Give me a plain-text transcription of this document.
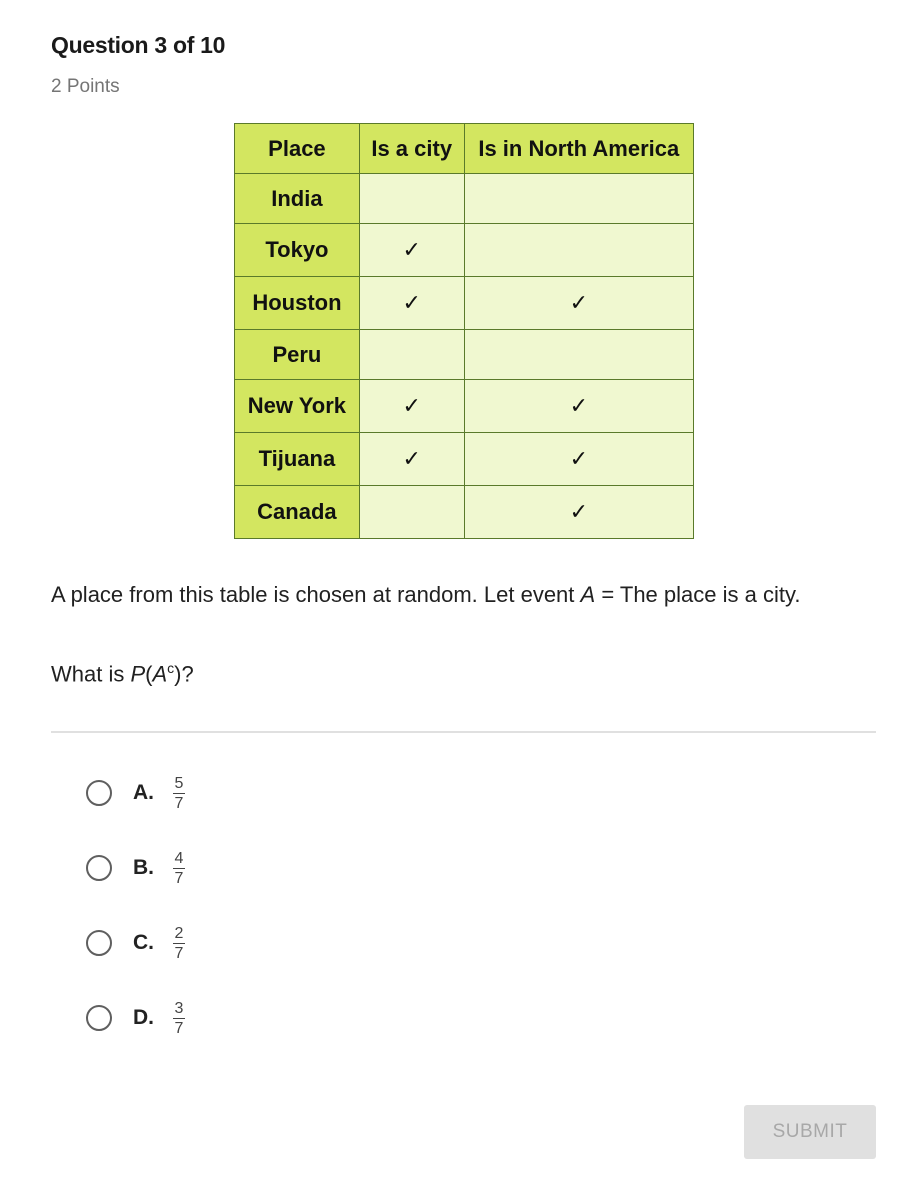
Question 3 of 10
2 Points
Place	Is a city	Is in North America
India		
Tokyo	✓	
Houston	✓	✓
Peru		
New York	✓	✓
Tijuana	✓	✓
Canada		✓
A place from this table is chosen at random. Let event A = The place is a city.
What is $P(A^c)$?
A.	$\frac{5}{7}$
B.	$\frac{4}{7}$
C.	$\frac{2}{7}$
D.	$\frac{3}{7}$
SUBMIT
